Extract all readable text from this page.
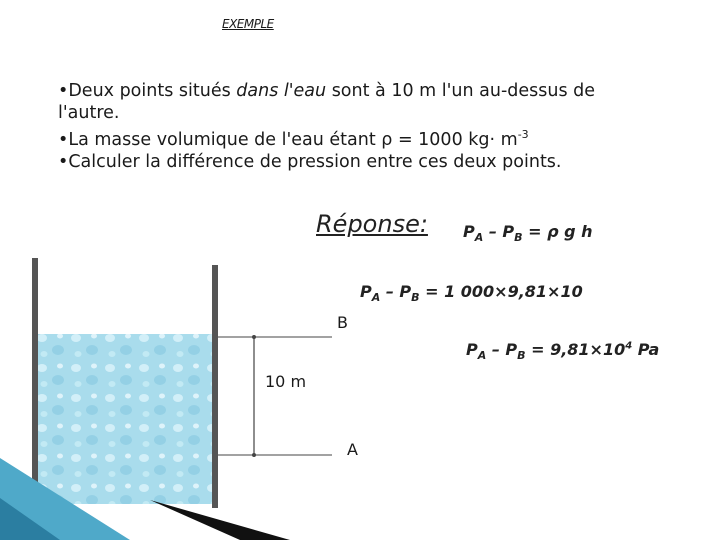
EXEMPLE

•Deux points situés dans l'eau sont à 10 m l'un au-dessus de l'autre.

•La masse volumique de l'eau étant ρ = 1000 $kg\cdot m^{-3}$

•Calculer la différence de pression entre ces deux points.

Réponse: $P_A - P_B = \rho$ g h
$P_A - P_B = 1$ 000×9,81×10
$P_A - P_B = 9,81\times 10^4$ Pa
B
A
10 m
